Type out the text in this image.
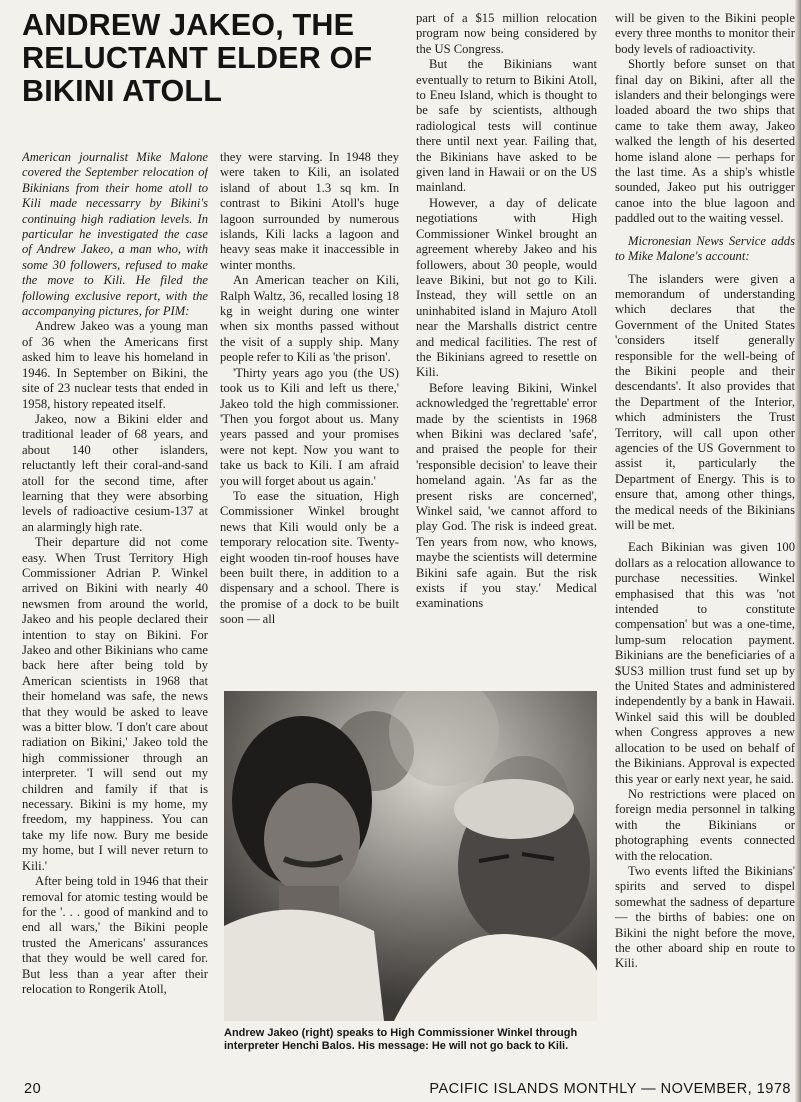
ANDREW JAKEO, THE RELUCTANT ELDER OF BIKINI ATOLL

American journalist Mike Malone covered the September relocation of Bikinians from their home atoll to Kili made necessarry by Bikini's continuing high radiation levels. In particular he investigated the case of Andrew Jakeo, a man who, with some 30 followers, refused to make the move to Kili. He filed the following exclusive report, with the accompanying pictures, for PIM:

Andrew Jakeo was a young man of 36 when the Americans first asked him to leave his homeland in 1946. In September on Bikini, the site of 23 nuclear tests that ended in 1958, history repeated itself.

Jakeo, now a Bikini elder and traditional leader of 68 years, and about 140 other islanders, reluctantly left their coral-and-sand atoll for the second time, after learning that they were absorbing levels of radioactive cesium-137 at an alarmingly high rate.

Their departure did not come easy. When Trust Territory High Commissioner Adrian P. Winkel arrived on Bikini with nearly 40 newsmen from around the world, Jakeo and his people declared their intention to stay on Bikini. For Jakeo and other Bikinians who came back here after being told by American scientists in 1968 that their homeland was safe, the news that they would be asked to leave was a bitter blow. 'I don't care about radiation on Bikini,' Jakeo told the high commissioner through an interpreter. 'I will send out my children and family if that is necessary. Bikini is my home, my freedom, my happiness. You can take my life now. Bury me beside my home, but I will never return to Kili.'

After being told in 1946 that their removal for atomic testing would be for the '. . . good of mankind and to end all wars,' the Bikini people trusted the Americans' assurances that they would be well cared for. But less than a year after their relocation to Rongerik Atoll,

they were starving. In 1948 they were taken to Kili, an isolated island of about 1.3 sq km. In contrast to Bikini Atoll's huge lagoon surrounded by numerous islands, Kili lacks a lagoon and heavy seas make it inaccessible in winter months.

An American teacher on Kili, Ralph Waltz, 36, recalled losing 18 kg in weight during one winter when six months passed without the visit of a supply ship. Many people refer to Kili as 'the prison'.

'Thirty years ago you (the US) took us to Kili and left us there,' Jakeo told the high commissioner. 'Then you forgot about us. Many years passed and your promises were not kept. Now you want to take us back to Kili. I am afraid you will forget about us again.'

To ease the situation, High Commissioner Winkel brought news that Kili would only be a temporary relocation site. Twenty-eight wooden tin-roof houses have been built there, in addition to a dispensary and a school. There is the promise of a dock to be built soon — all

part of a $15 million relocation program now being considered by the US Congress.

But the Bikinians want eventually to return to Bikini Atoll, to Eneu Island, which is thought to be safe by scientists, although radiological tests will continue there until next year. Failing that, the Bikinians have asked to be given land in Hawaii or on the US mainland.

However, a day of delicate negotiations with High Commissioner Winkel brought an agreement whereby Jakeo and his followers, about 30 people, would leave Bikini, but not go to Kili. Instead, they will settle on an uninhabited island in Majuro Atoll near the Marshalls district centre and medical facilities. The rest of the Bikinians agreed to resettle on Kili.

Before leaving Bikini, Winkel acknowledged the 'regrettable' error made by the scientists in 1968 when Bikini was declared 'safe', and praised the people for their 'responsible decision' to leave their homeland again. 'As far as the present risks are concerned', Winkel said, 'we cannot afford to play God. The risk is indeed great. Ten years from now, who knows, maybe the scientists will determine Bikini safe again. But the risk exists if you stay.' Medical examinations

will be given to the Bikini people every three months to monitor their body levels of radioactivity.

Shortly before sunset on that final day on Bikini, after all the islanders and their belongings were loaded aboard the two ships that came to take them away, Jakeo walked the length of his deserted home island alone — perhaps for the last time. As a ship's whistle sounded, Jakeo put his outrigger canoe into the blue lagoon and paddled out to the waiting vessel.

Micronesian News Service adds to Mike Malone's account:

The islanders were given a memorandum of understanding which declares that the Government of the United States 'considers itself generally responsible for the well-being of the Bikini people and their descendants'. It also provides that the Department of the Interior, which administers the Trust Territory, will call upon other agencies of the US Government to assist it, particularly the Department of Energy. This is to ensure that, among other things, the medical needs of the Bikinians will be met.

Each Bikinian was given 100 dollars as a relocation allowance to purchase necessities. Winkel emphasised that this was 'not intended to constitute compensation' but was a one-time, lump-sum relocation payment. Bikinians are the beneficiaries of a $US3 million trust fund set up by the United States and administered independently by a bank in Hawaii. Winkel said this will be doubled when Congress approves a new allocation to be used on behalf of the Bikinians. Approval is expected this year or early next year, he said.

No restrictions were placed on foreign media personnel in talking with the Bikinians or photographing events connected with the relocation.

Two events lifted the Bikinians' spirits and served to dispel somewhat the sadness of departure — the births of babies: one on Bikini the night before the move, the other aboard ship en route to Kili.

Andrew Jakeo (right) speaks to High Commissioner Winkel through interpreter Henchi Balos. His message: He will not go back to Kili.
20	PACIFIC ISLANDS MONTHLY — NOVEMBER, 1978
